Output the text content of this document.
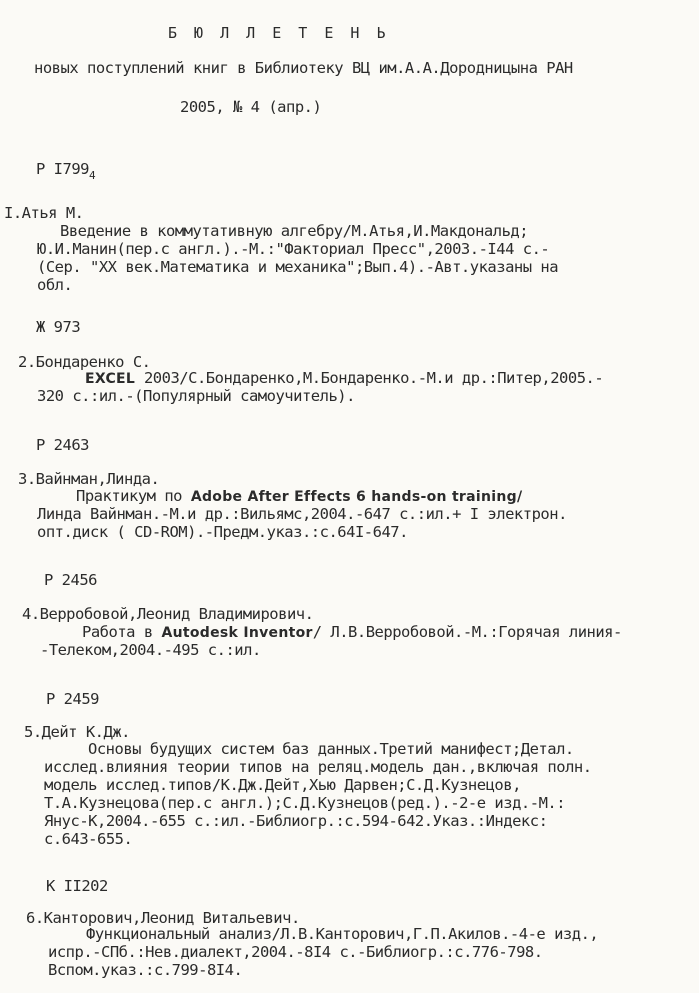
Б Ю Л Л Е Т Е Н Ь
новых поступлений книг в Библиотеку ВЦ им.А.А.Дородницына РАН
2005, № 4 (апр.)
Р $I799_4$
I.Атья М.
Введение в коммутативную алгебру/М.Атья,И.Макдональд;
Ю.И.Манин(пер.с англ.).-М.:"Факториал Пресс",2003.-I44 с.-
(Сер. "XX век.Математика и механика";Вып.4).-Авт.указаны на
обл.
Ж 973
2.Бондаренко С.
EXCEL 2003/С.Бондаренко,М.Бондаренко.-М.и др.:Питер,2005.-
320 с.:ил.-(Популярный самоучитель).
Р 2463
3.Вайнман,Линда.
Практикум по Adobe After Effects 6 hands-on training/
Линда Вайнман.-М.и др.:Вильямс,2004.-647 с.:ил.+ I электрон.
опт.диск ( CD-ROM).-Предм.указ.:с.64I-647.
Р 2456
4.Верробовой,Леонид Владимирович.
Работа в Autodesk Inventor/ Л.В.Верробовой.-М.:Горячая линия-
-Телеком,2004.-495 с.:ил.
Р 2459
5.Дейт К.Дж.
Основы будущих систем баз данных.Третий манифест;Детал.
исслед.влияния теории типов на реляц.модель дан.,включая полн.
модель исслед.типов/К.Дж.Дейт,Хью Дарвен;С.Д.Кузнецов,
Т.А.Кузнецова(пер.с англ.);С.Д.Кузнецов(ред.).-2-е изд.-М.:
Янус-К,2004.-655 с.:ил.-Библиогр.:с.594-642.Указ.:Индекс:
с.643-655.
К II202
6.Канторович,Леонид Витальевич.
Функциональный анализ/Л.В.Канторович,Г.П.Акилов.-4-е изд.,
испр.-СПб.:Нев.диалект,2004.-8I4 с.-Библиогр.:с.776-798.
Вспом.указ.:с.799-8I4.
